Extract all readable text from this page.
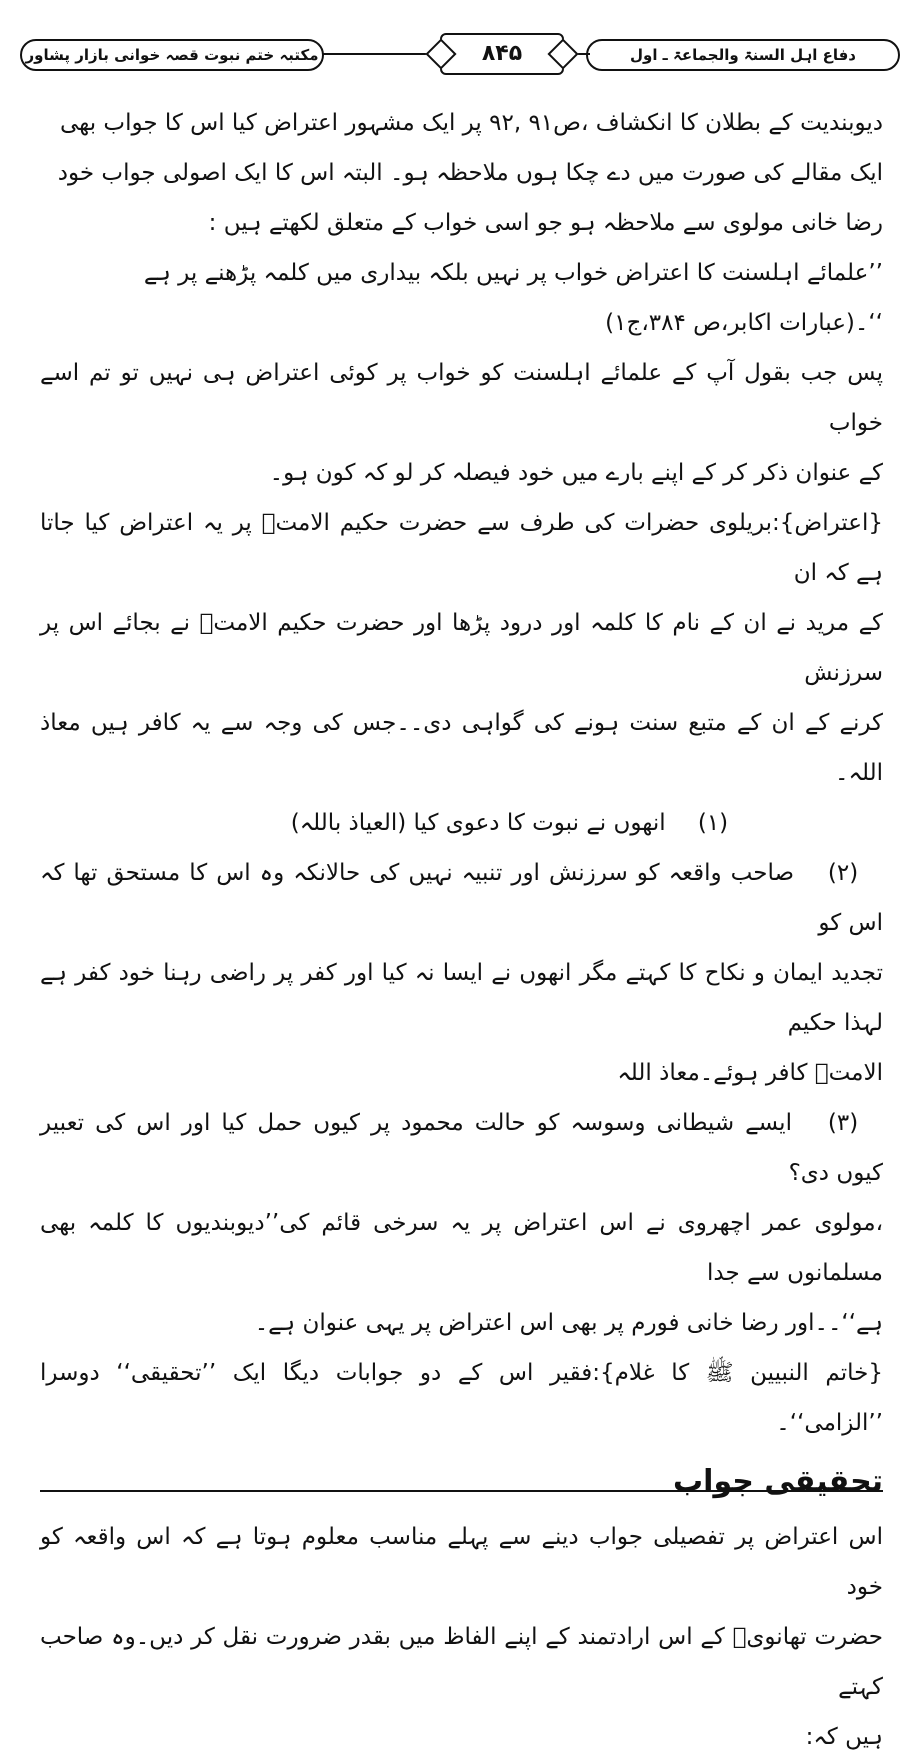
دفاع اہل السنۃ والجماعۃ ـ اول
۸۴۵
مکتبہ ختم نبوت قصہ خوانی بازار پشاور

دیوبندیت کے بطلان کا انکشاف ،ص۹۱ ,۹۲ پر ایک مشہور اعتراض کیا اس کا جواب بھی

ایک مقالے کی صورت میں دے چکا ہوں ملاحظہ ہو۔ البتہ اس کا ایک اصولی جواب خود

رضا خانی مولوی سے ملاحظہ ہو جو اسی خواب کے متعلق لکھتے ہیں :

’’علمائے اہلسنت کا اعتراض خواب پر نہیں بلکہ بیداری میں کلمہ پڑھنے پر ہے

‘‘۔(عبارات اکابر،ص ۳۸۴،ج۱)

پس جب بقول آپ کے علمائے اہلسنت کو خواب پر کوئی اعتراض ہی نہیں تو تم اسے خواب

کے عنوان ذکر کر کے اپنے بارے میں خود فیصلہ کر لو کہ کون ہو۔

{اعتراض}:بریلوی حضرات کی طرف سے حضرت حکیم الامتؒ پر یہ اعتراض کیا جاتا ہے کہ ان

کے مرید نے ان کے نام کا کلمہ اور درود پڑھا اور حضرت حکیم الامتؒ نے بجائے اس پر سرزنش

کرنے کے ان کے متبع سنت ہونے کی گواہی دی۔۔جس کی وجہ سے یہ کافر ہیں معاذ اللہ۔

(۱) انھوں نے نبوت کا دعوی کیا (العیاذ باللہ)

(۲) صاحب واقعہ کو سرزنش اور تنبیہ نہیں کی حالانکہ وہ اس کا مستحق تھا کہ اس کو

تجدید ایمان و نکاح کا کہتے مگر انھوں نے ایسا نہ کیا اور کفر پر راضی رہنا خود کفر ہے لہذا حکیم

الامتؒ کافر ہوئے۔معاذ اللہ

(۳) ایسے شیطانی وسوسہ کو حالت محمود پر کیوں حمل کیا اور اس کی تعبیر کیوں دی؟

،مولوی عمر اچھروی نے اس اعتراض پر یہ سرخی قائم کی’’دیوبندیوں کا کلمہ بھی مسلمانوں سے جدا

ہے‘‘۔۔اور رضا خانی فورم پر بھی اس اعتراض پر یہی عنوان ہے۔

{خاتم النبیین ﷺ کا غلام}:فقیر اس کے دو جوابات دیگا ایک ’’تحقیقی‘‘ دوسرا ’’الزامی‘‘۔

تحقیقی جواب

اس اعتراض پر تفصیلی جواب دینے سے پہلے مناسب معلوم ہوتا ہے کہ اس واقعہ کو خود

حضرت تھانویؒ کے اس ارادتمند کے اپنے الفاظ میں بقدر ضرورت نقل کر دیں۔وہ صاحب کہتے

ہیں کہ:
